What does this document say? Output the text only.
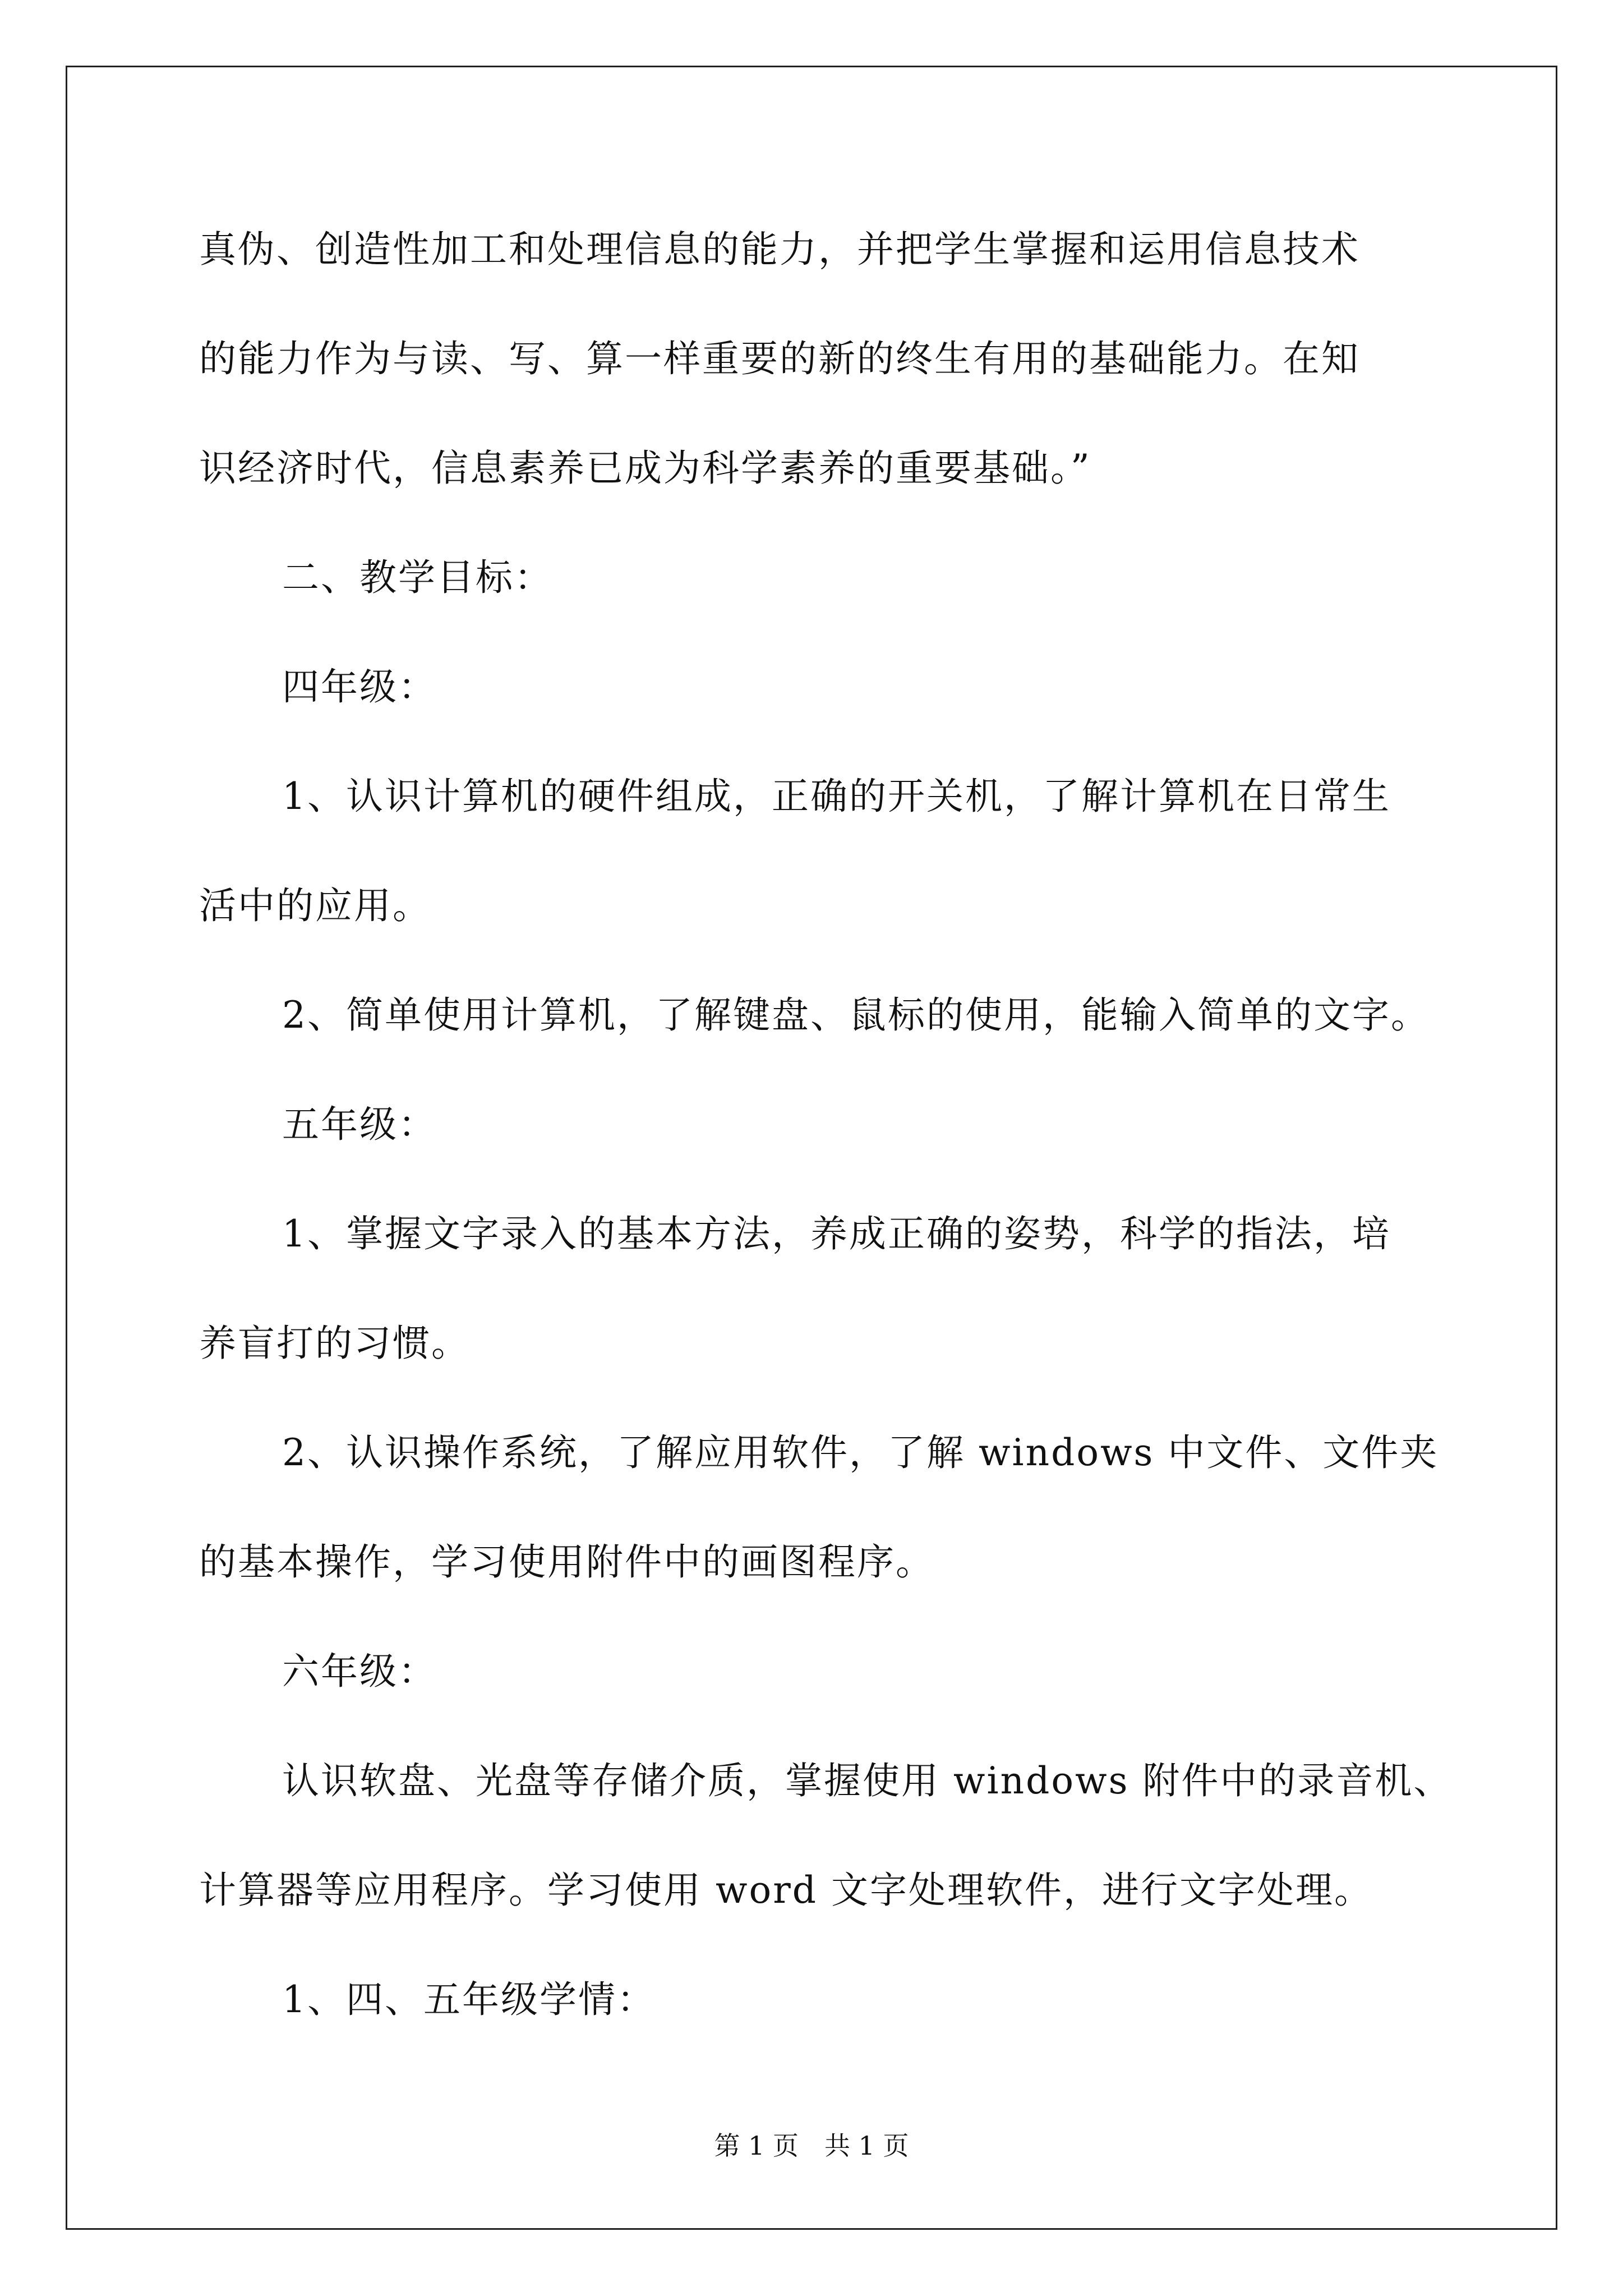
真伪、创造性加工和处理信息的能力，并把学生掌握和运用信息技术
的能力作为与读、写、算一样重要的新的终生有用的基础能力。在知
识经济时代，信息素养已成为科学素养的重要基础。”
二、教学目标：
四年级：
1、认识计算机的硬件组成，正确的开关机，了解计算机在日常生
活中的应用。
2、简单使用计算机，了解键盘、鼠标的使用，能输入简单的文字。
五年级：
1、掌握文字录入的基本方法，养成正确的姿势，科学的指法，培
养盲打的习惯。
2、认识操作系统，了解应用软件，了解 windows 中文件、文件夹
的基本操作，学习使用附件中的画图程序。
六年级：
认识软盘、光盘等存储介质，掌握使用 windows 附件中的录音机、
计算器等应用程序。学习使用 word 文字处理软件，进行文字处理。
1、四、五年级学情：
第 1 页　共 1 页
